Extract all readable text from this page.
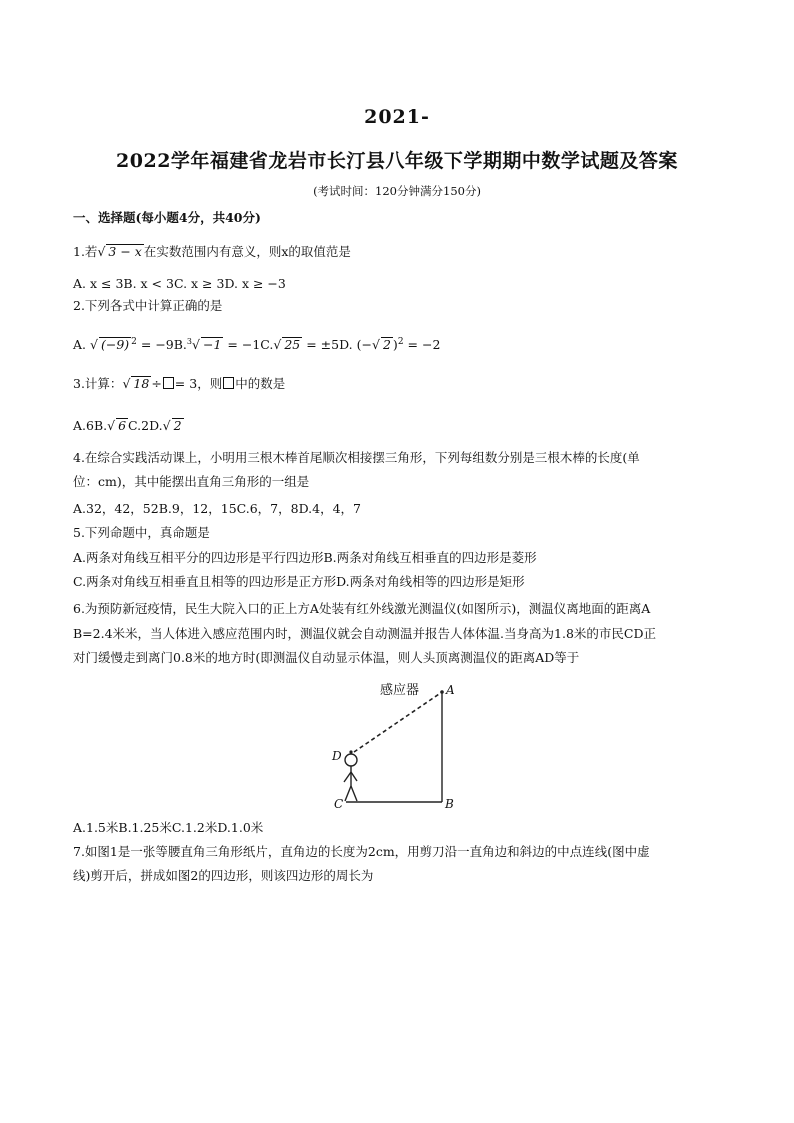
2021-
2022学年福建省龙岩市长汀县八年级下学期期中数学试题及答案
(考试时间：120分钟满分150分)
一、选择题(每小题4分，共40分)
1.若√ 3 − x 在实数范围内有意义，则x的取值范是
A. x ≤ 3B. x < 3C. x ≥ 3D. x ≥ −3
2.下列各式中计算正确的是
A. √ (−9) $^2$ = −9B.$^3$√ −1 = −1C.√ 25 = ±5D. (−√ 2 )$^2$ = −2
3.计算：√ 18 ÷ = 3，则 中的数是
A.6B.√ 6 C.2D.√ 2
4.在综合实践活动课上，小明用三根木棒首尾顺次相接摆三角形，下列每组数分别是三根木棒的长度(单
位：cm)，其中能摆出直角三角形的一组是
A.32，42，52B.9，12，15C.6，7，8D.4，4，7
5.下列命题中，真命题是
A.两条对角线互相平分的四边形是平行四边形B.两条对角线互相垂直的四边形是菱形
C.两条对角线互相垂直且相等的四边形是正方形D.两条对角线相等的四边形是矩形
6.为预防新冠疫情，民生大院入口的正上方A处装有红外线激光测温仪(如图所示)，测温仪离地面的距离A
B=2.4米米，当人体进入感应范围内时，测温仪就会自动测温并报告人体体温.当身高为1.8米的市民CD正
对门缓慢走到离门0.8米的地方时(即测温仪自动显示体温，则人头顶离测温仪的距离AD等于
感应器 A
B
C
D
A.1.5米B.1.25米C.1.2米D.1.0米
7.如图1是一张等腰直角三角形纸片，直角边的长度为2cm，用剪刀沿一直角边和斜边的中点连线(图中虚
线)剪开后，拼成如图2的四边形，则该四边形的周长为
